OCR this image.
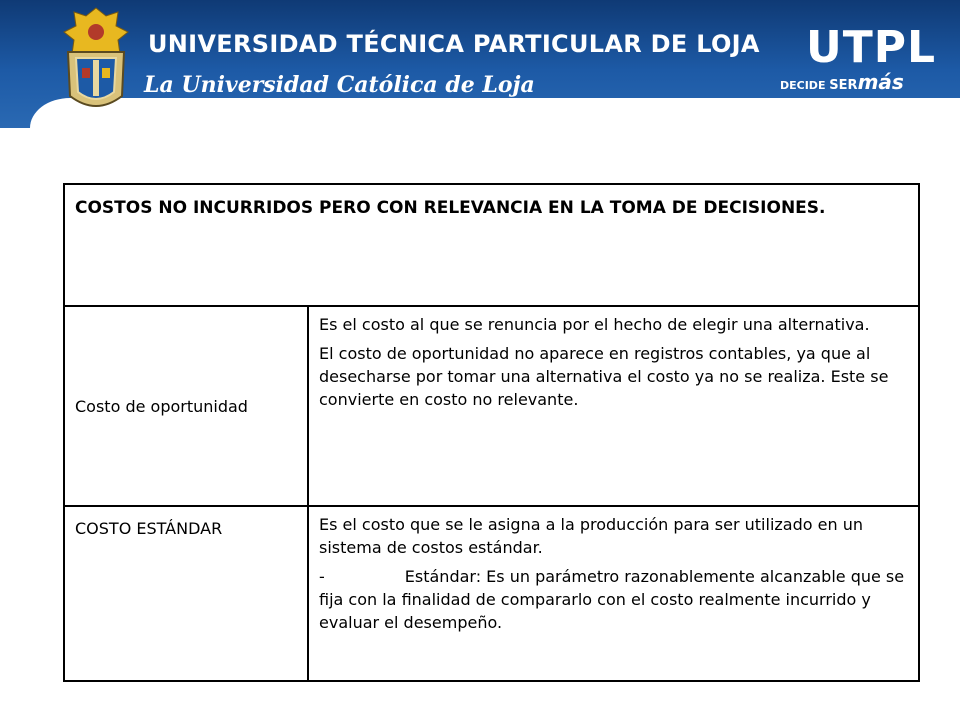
UNIVERSIDAD TÉCNICA PARTICULAR DE LOJA
La Universidad Católica de Loja
UTPL
DECIDE SERmás
COSTOS NO INCURRIDOS PERO CON RELEVANCIA EN LA TOMA DE DECISIONES.	
Costo de oportunidad	Es el costo al que se renuncia por el hecho de elegir una alternativa.

El costo de oportunidad no aparece en registros contables, ya que al desecharse por tomar una alternativa el costo ya no se realiza. Este se convierte en costo no relevante.

COSTO ESTÁNDAR	Es el costo que se le asigna a la producción para ser utilizado en un sistema de costos estándar.

- Estándar: Es un parámetro razonablemente alcanzable que se fija con la finalidad de compararlo con el costo realmente incurrido y evaluar el desempeño.
